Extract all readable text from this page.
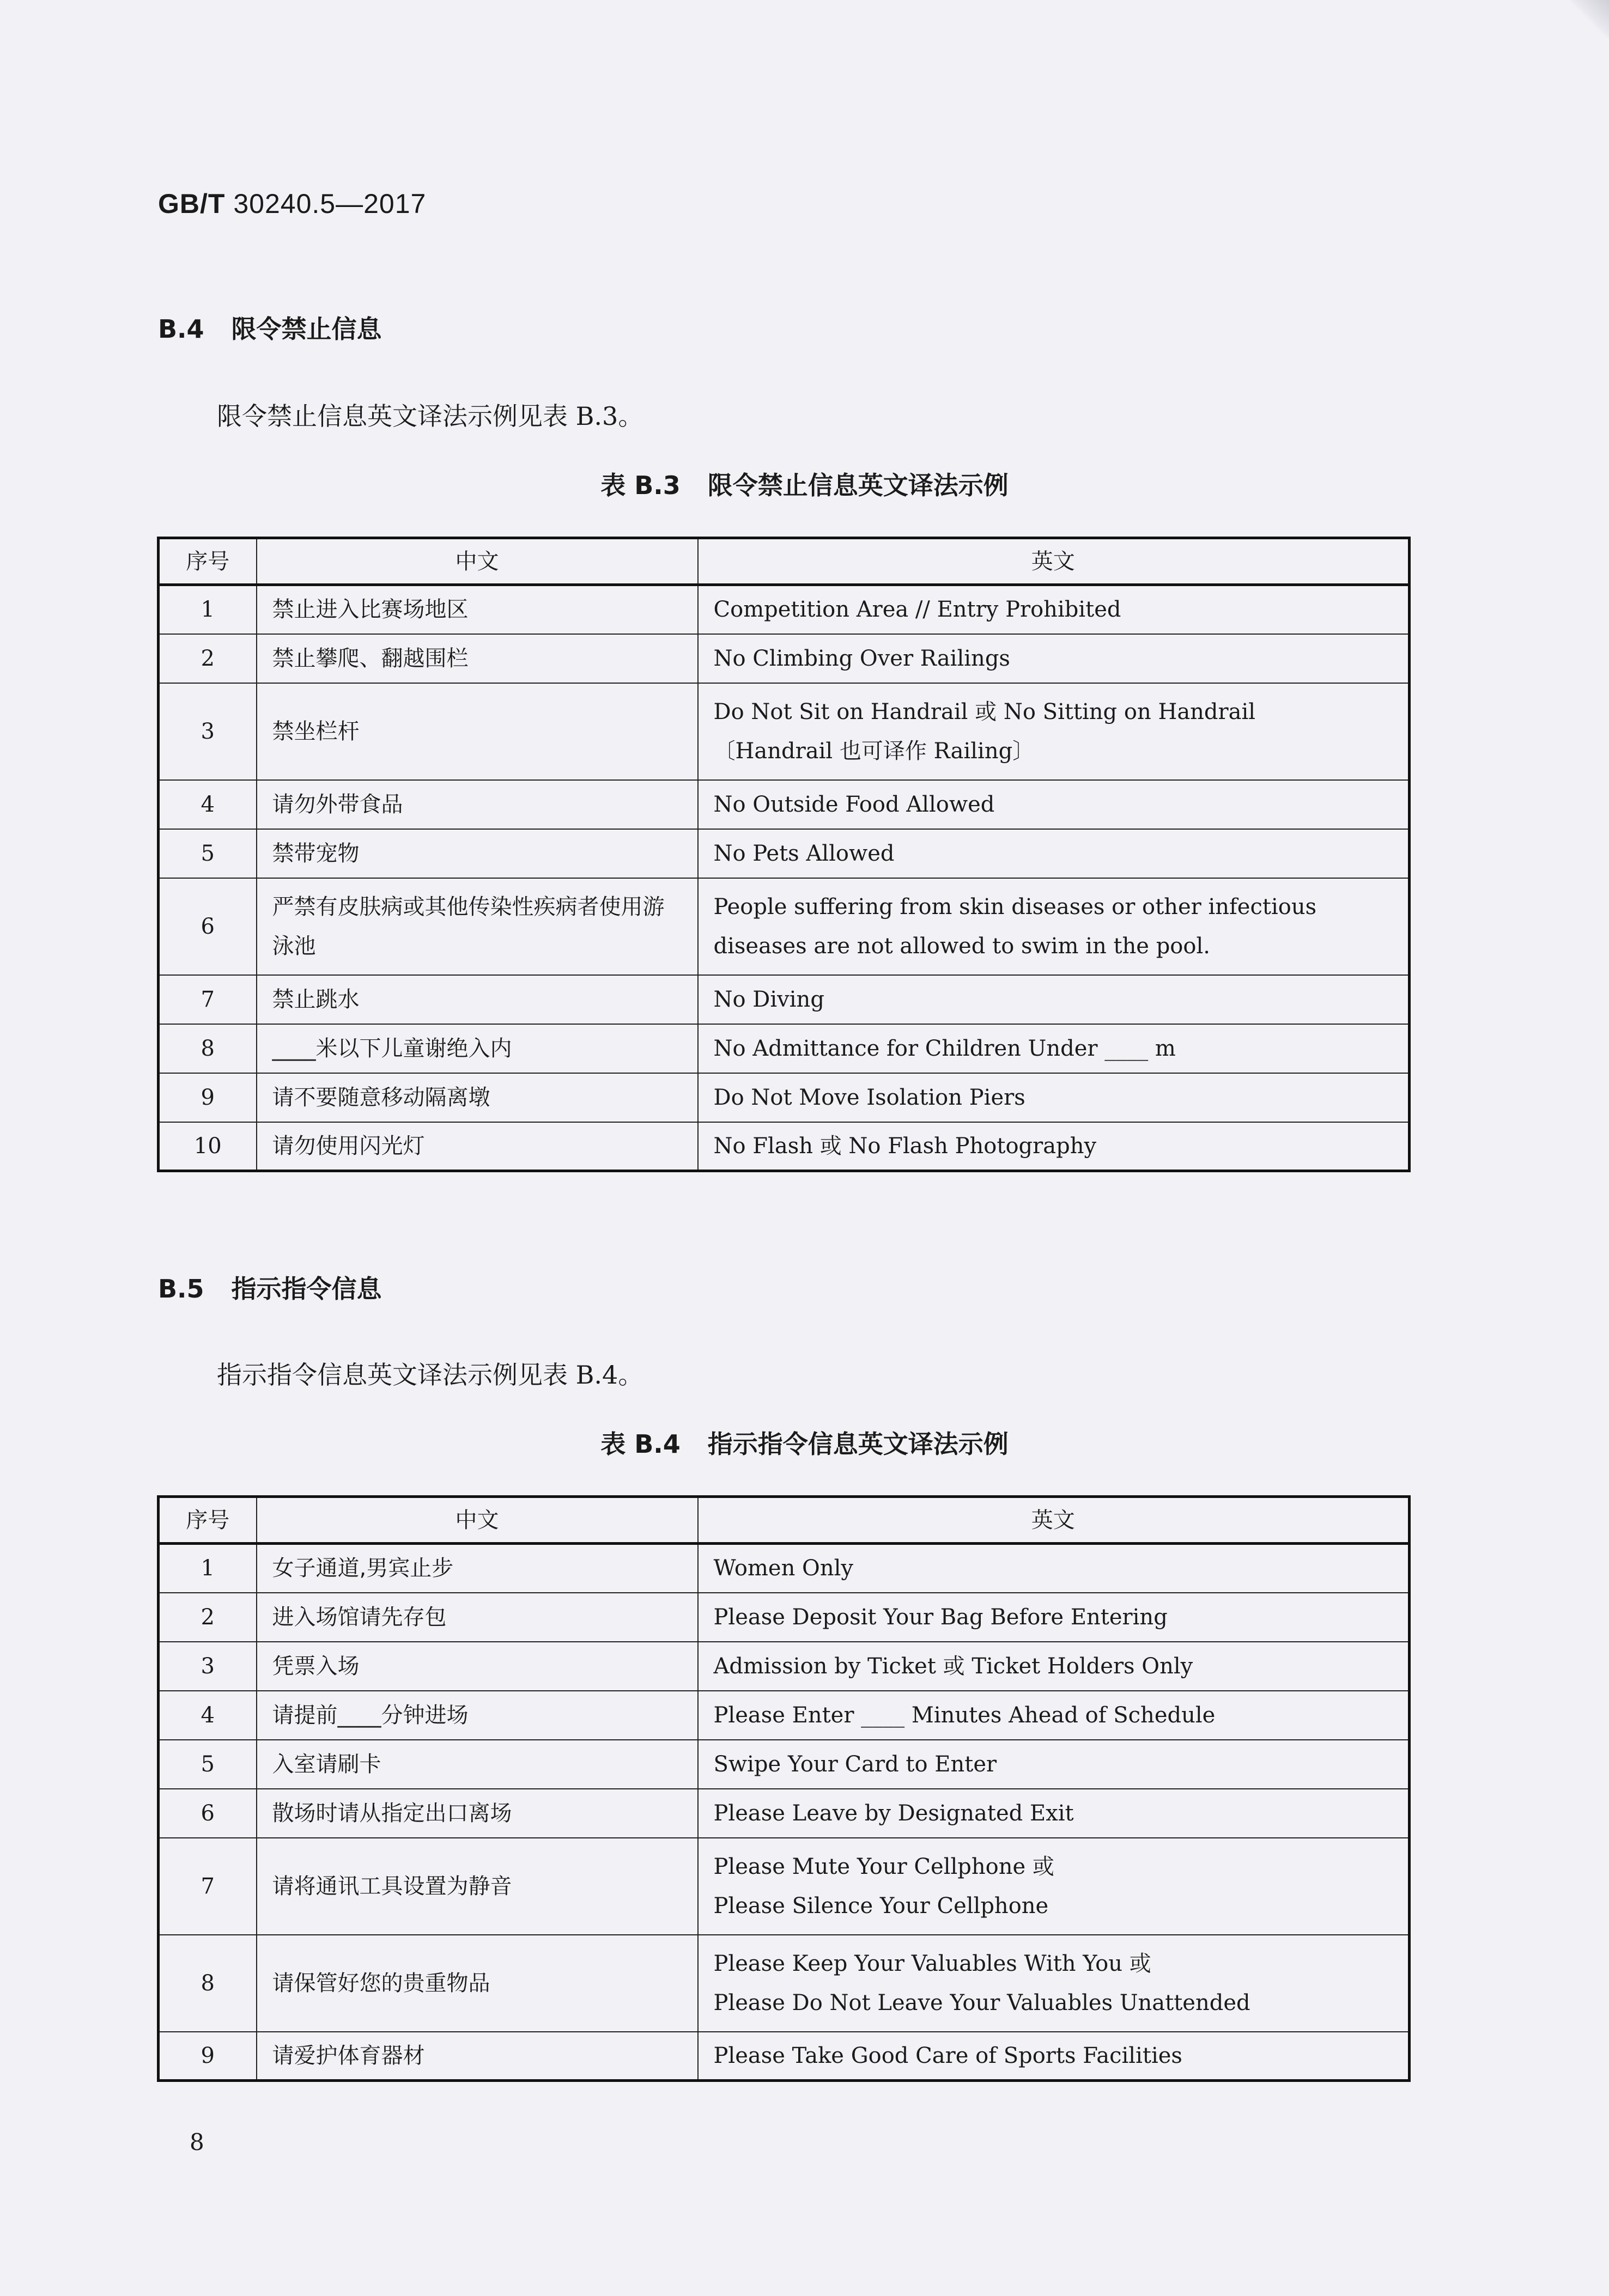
GB/T 30240.5—2017
B.4 限令禁止信息
限令禁止信息英文译法示例见表 B.3。
表 B.3 限令禁止信息英文译法示例
序号	中文	英文
1	禁止进入比赛场地区	Competition Area // Entry Prohibited

2	禁止攀爬、翻越围栏	No Climbing Over Railings

3	禁坐栏杆	Do Not Sit on Handrail 或 No Sitting on Handrail
〔Handrail 也可译作 Railing〕

4	请勿外带食品	No Outside Food Allowed

5	禁带宠物	No Pets Allowed

6	严禁有皮肤病或其他传染性疾病者使用游泳池	People suffering from skin diseases or other infectious diseases are not allowed to swim in the pool.

7	禁止跳水	No Diving

8	____米以下儿童谢绝入内	No Admittance for Children Under ____ m

9	请不要随意移动隔离墩	Do Not Move Isolation Piers

10	请勿使用闪光灯	No Flash 或 No Flash Photography
B.5 指示指令信息
指示指令信息英文译法示例见表 B.4。
表 B.4 指示指令信息英文译法示例
序号	中文	英文
1	女子通道,男宾止步	Women Only

2	进入场馆请先存包	Please Deposit Your Bag Before Entering

3	凭票入场	Admission by Ticket 或 Ticket Holders Only

4	请提前____分钟进场	Please Enter ____ Minutes Ahead of Schedule

5	入室请刷卡	Swipe Your Card to Enter

6	散场时请从指定出口离场	Please Leave by Designated Exit

7	请将通讯工具设置为静音	Please Mute Your Cellphone 或
Please Silence Your Cellphone

8	请保管好您的贵重物品	Please Keep Your Valuables With You 或
Please Do Not Leave Your Valuables Unattended

9	请爱护体育器材	Please Take Good Care of Sports Facilities
8
